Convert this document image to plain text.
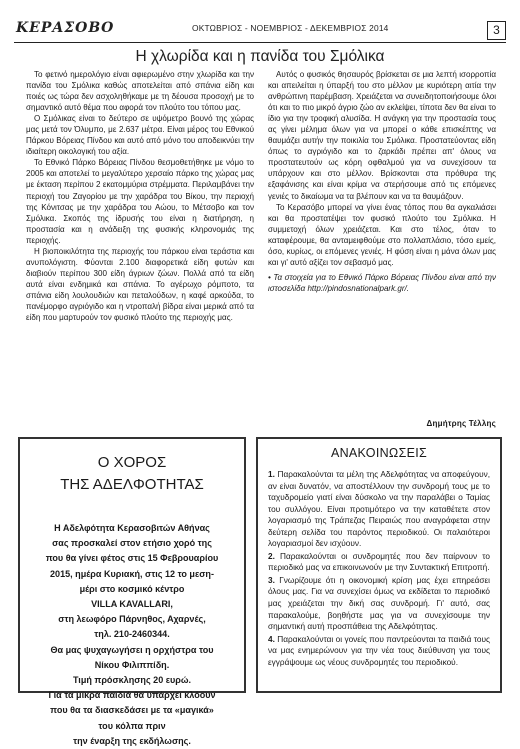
ΚΕΡΑΣΟΒΟ	ΟΚΤΩΒΡΙΟΣ - ΝΟΕΜΒΡΙΟΣ - ΔΕΚΕΜΒΡΙΟΣ 2014	3
Η χλωρίδα και η πανίδα του Σμόλικα

Το φετινό ημερολόγιο είναι αφιερωμένο στην χλωρίδα και την πανίδα του Σμόλικα καθώς αποτελείται από σπάνια είδη και ποιές ως τώρα δεν ασχοληθήκαμε με τη δέουσα προσοχή με το σημαντικό αυτό θέμα που αφορά τον πλούτο του τόπου μας.

Ο Σμόλικας είναι το δεύτερο σε υψόμετρο βουνό της χώρας μας μετά τον Όλυμπο, με 2.637 μέτρα. Είναι μέρος του Εθνικού Πάρκου Βόρειας Πίνδου και αυτό από μόνο του αποδεικνύει την ιδιαίτερη οικολογική του αξία.

Το Εθνικό Πάρκο Βόρειας Πίνδου θεσμοθετήθηκε με νόμο το 2005 και αποτελεί το μεγαλύτερο χερσαίο πάρκο της χώρας μας με έκταση περίπου 2 εκατομμύρια στρέμματα. Περιλαμβάνει την περιοχή του Ζαγορίου με την χαράδρα του Βίκου, την περιοχή της Κόνιτσας με την χαράδρα του Αώου, το Μέτσοβο και τον Σμόλικα. Σκοπός της ίδρυσής του είναι η διατήρηση, η προστασία και η ανάδειξη της φυσικής κληρονομιάς της περιοχής.

Η βιοποικιλότητα της περιοχής του πάρκου είναι τεράστια και ανυπολόγιστη. Φύονται 2.100 διαφορετικά είδη φυτών και διαβιούν περίπου 300 είδη άγριων ζώων. Πολλά από τα είδη αυτά είναι ενδημικά και σπάνια. Το αγέρωχο ρόμποτο, τα σπάνια είδη λουλουδιών και πεταλούδων, η καφέ αρκούδα, το πανέμορφο αγριόγιδο και η ντροπαλή βίδρα είναι μερικά από τα είδη που μαρτυρούν τον φυσικό πλούτο της περιοχής μας.

Αυτός ο φυσικός θησαυρός βρίσκεται σε μια λεπτή ισορροπία και απειλείται η ύπαρξή του στο μέλλον με κυριότερη αιτία την ανθρώπινη παρέμβαση. Χρειάζεται να συνειδητοποιήσουμε όλοι ότι και το πιο μικρό άγριο ζώο αν εκλείψει, τίποτα δεν θα είναι το ίδιο για την τροφική αλυσίδα. Η ανάγκη για την προστασία τους ας γίνει μέλημα όλων για να μπορεί ο κάθε επισκέπτης να θαυμάζει αυτήν την ποικιλία του Σμόλικα. Προστατεύοντας είδη όπως το αγριόγιδο και το ζαρκάδι πρέπει απ' όλους να προστατευτούν ως κόρη οφθαλμού για να συνεχίσουν τα υπάρχουν και στο μέλλον. Βρίσκονται στα πρόθυρα της εξαφάνισης και είναι κρίμα να στερήσουμε από τις επόμενες γενιές το δικαίωμα να τα βλέπουν και να τα θαυμάζουν.

Το Κερασόβο μπορεί να γίνει ένας τόπος που θα αγκαλιάσει και θα προστατέψει τον φυσικό πλούτο του Σμόλικα. Η συμμετοχή όλων χρειάζεται. Και στο τέλος, όταν το καταφέρουμε, θα ανταμειφθούμε στο πολλαπλάσιο, τόσο εμείς, όσο, κυρίως, οι επόμενες γενιές. Η φύση είναι η μάνα όλων μας και γι' αυτό αξίζει τον σεβασμό μας.

• Τα στοιχεία για το Εθνικό Πάρκο Βόρειας Πίνδου είναι από την ιστοσελίδα http://pindosnationalpark.gr/.

Δημήτρης Τέλλης
Ο ΧΟΡΟΣ
ΤΗΣ ΑΔΕΛΦΟΤΗΤΑΣ
Η Αδελφότητα Κερασοβιτών Αθήνας
σας προσκαλεί στον ετήσιο χορό της
που θα γίνει φέτος στις 15 Φεβρουαρίου
2015, ημέρα Κυριακή, στις 12 το μεση-
μέρι στο κοσμικό κέντρο
VILLA KAVALLARI,
στη λεωφόρο Πάρνηθος, Αχαρνές,
τηλ. 210-2460344.
Θα μας ψυχαγωγήσει η ορχήστρα του
Νίκου Φιλιππίδη.
Τιμή πρόσκλησης 20 ευρώ.
Για τα μικρά παιδιά θα υπάρχει κλόουν
που θα τα διασκεδάσει με τα «μαγικά»
του κόλπα πριν
την έναρξη της εκδήλωσης.
ΑΝΑΚΟΙΝΩΣΕΙΣ

1. Παρακαλούνται τα μέλη της Αδελφότητας να αποφεύγουν, αν είναι δυνατόν, να αποστέλλουν την συνδρομή τους με το ταχυδρομείο γιατί είναι δύσκολο να την παραλάβει ο Ταμίας του συλλόγου. Είναι προτιμότερο να την καταθέτετε στον λογαριασμό της Τράπεζας Πειραιώς που αναγράφεται στην δεύτερη σελίδα του παρόντος περιοδικού. Οι παλαιότεροι λογαριασμοί δεν ισχύουν.

2. Παρακαλούνται οι συνδρομητές που δεν παίρνουν το περιοδικό μας να επικοινωνούν με την Συντακτική Επιτροπή.

3. Γνωρίζουμε ότι η οικονομική κρίση μας έχει επηρεάσει όλους μας. Για να συνεχίσει όμως να εκδίδεται το περιοδικό μας χρειάζεται την δική σας συνδρομή. Γι' αυτό, σας παρακαλούμε, βοηθήστε μας για να συνεχίσουμε την σημαντική αυτή προσπάθεια της Αδελφότητας.

4. Παρακαλούνται οι γονείς που παντρεύονται τα παιδιά τους να μας ενημερώνουν για την νέα τους διεύθυνση για τους εγγράψουμε ως νέους συνδρομητές του περιοδικού.
